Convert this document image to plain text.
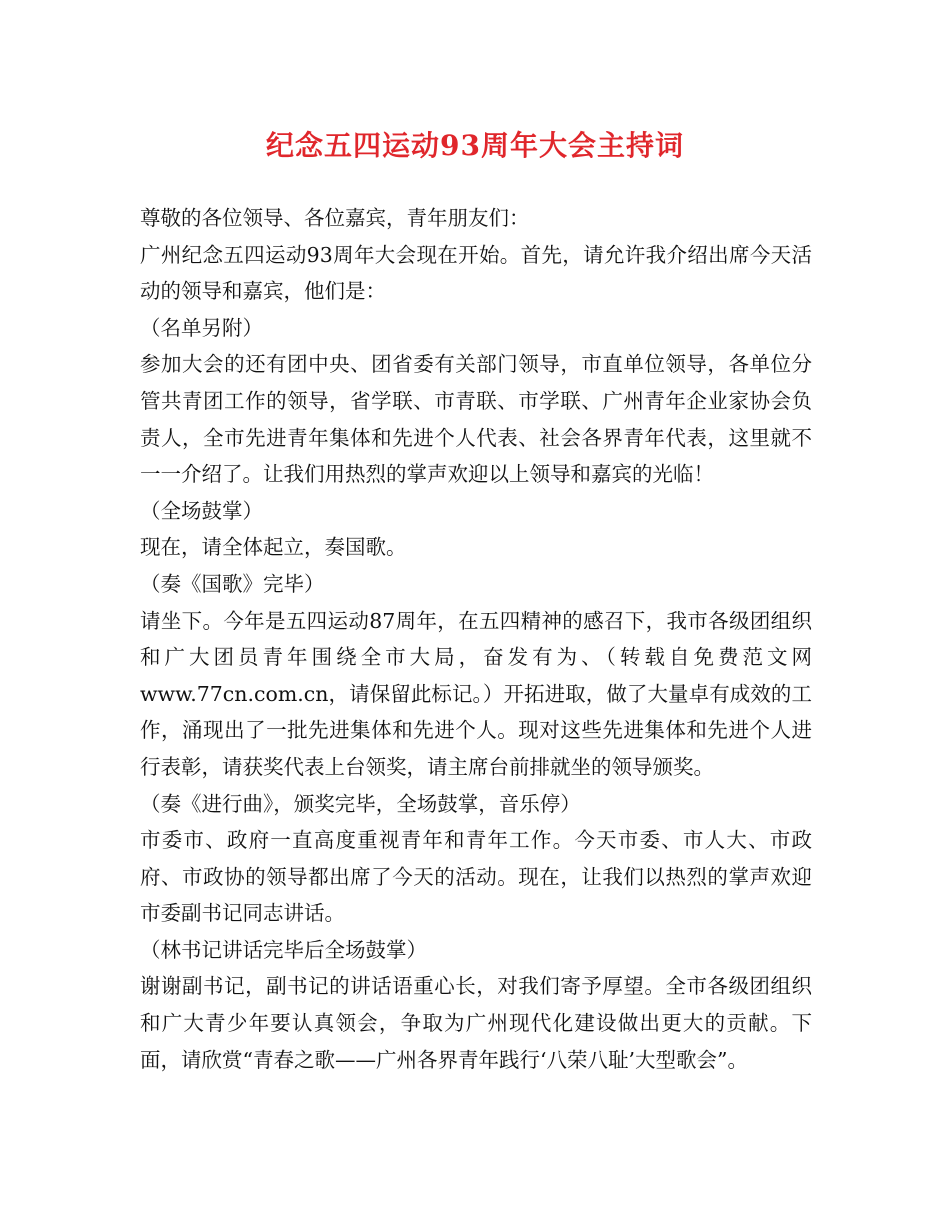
纪念五四运动93周年大会主持词

尊敬的各位领导、各位嘉宾，青年朋友们：

广州纪念五四运动93周年大会现在开始。首先，请允许我介绍出席今天活动的领导和嘉宾，他们是：

（名单另附）

参加大会的还有团中央、团省委有关部门领导，市直单位领导，各单位分管共青团工作的领导，省学联、市青联、市学联、广州青年企业家协会负责人，全市先进青年集体和先进个人代表、社会各界青年代表，这里就不一一介绍了。让我们用热烈的掌声欢迎以上领导和嘉宾的光临！

（全场鼓掌）

现在，请全体起立，奏国歌。

（奏《国歌》完毕）

请坐下。今年是五四运动87周年，在五四精神的感召下，我市各级团组织和广大团员青年围绕全市大局，奋发有为、（转载自免费范文网www.77cn.com.cn，请保留此标记。）开拓进取，做了大量卓有成效的工作，涌现出了一批先进集体和先进个人。现对这些先进集体和先进个人进行表彰，请获奖代表上台领奖，请主席台前排就坐的领导颁奖。

（奏《进行曲》，颁奖完毕，全场鼓掌，音乐停）

市委市、政府一直高度重视青年和青年工作。今天市委、市人大、市政府、市政协的领导都出席了今天的活动。现在，让我们以热烈的掌声欢迎市委副书记同志讲话。

（林书记讲话完毕后全场鼓掌）

谢谢副书记，副书记的讲话语重心长，对我们寄予厚望。全市各级团组织和广大青少年要认真领会，争取为广州现代化建设做出更大的贡献。下面，请欣赏“青春之歌——广州各界青年践行‘八荣八耻’大型歌会”。
